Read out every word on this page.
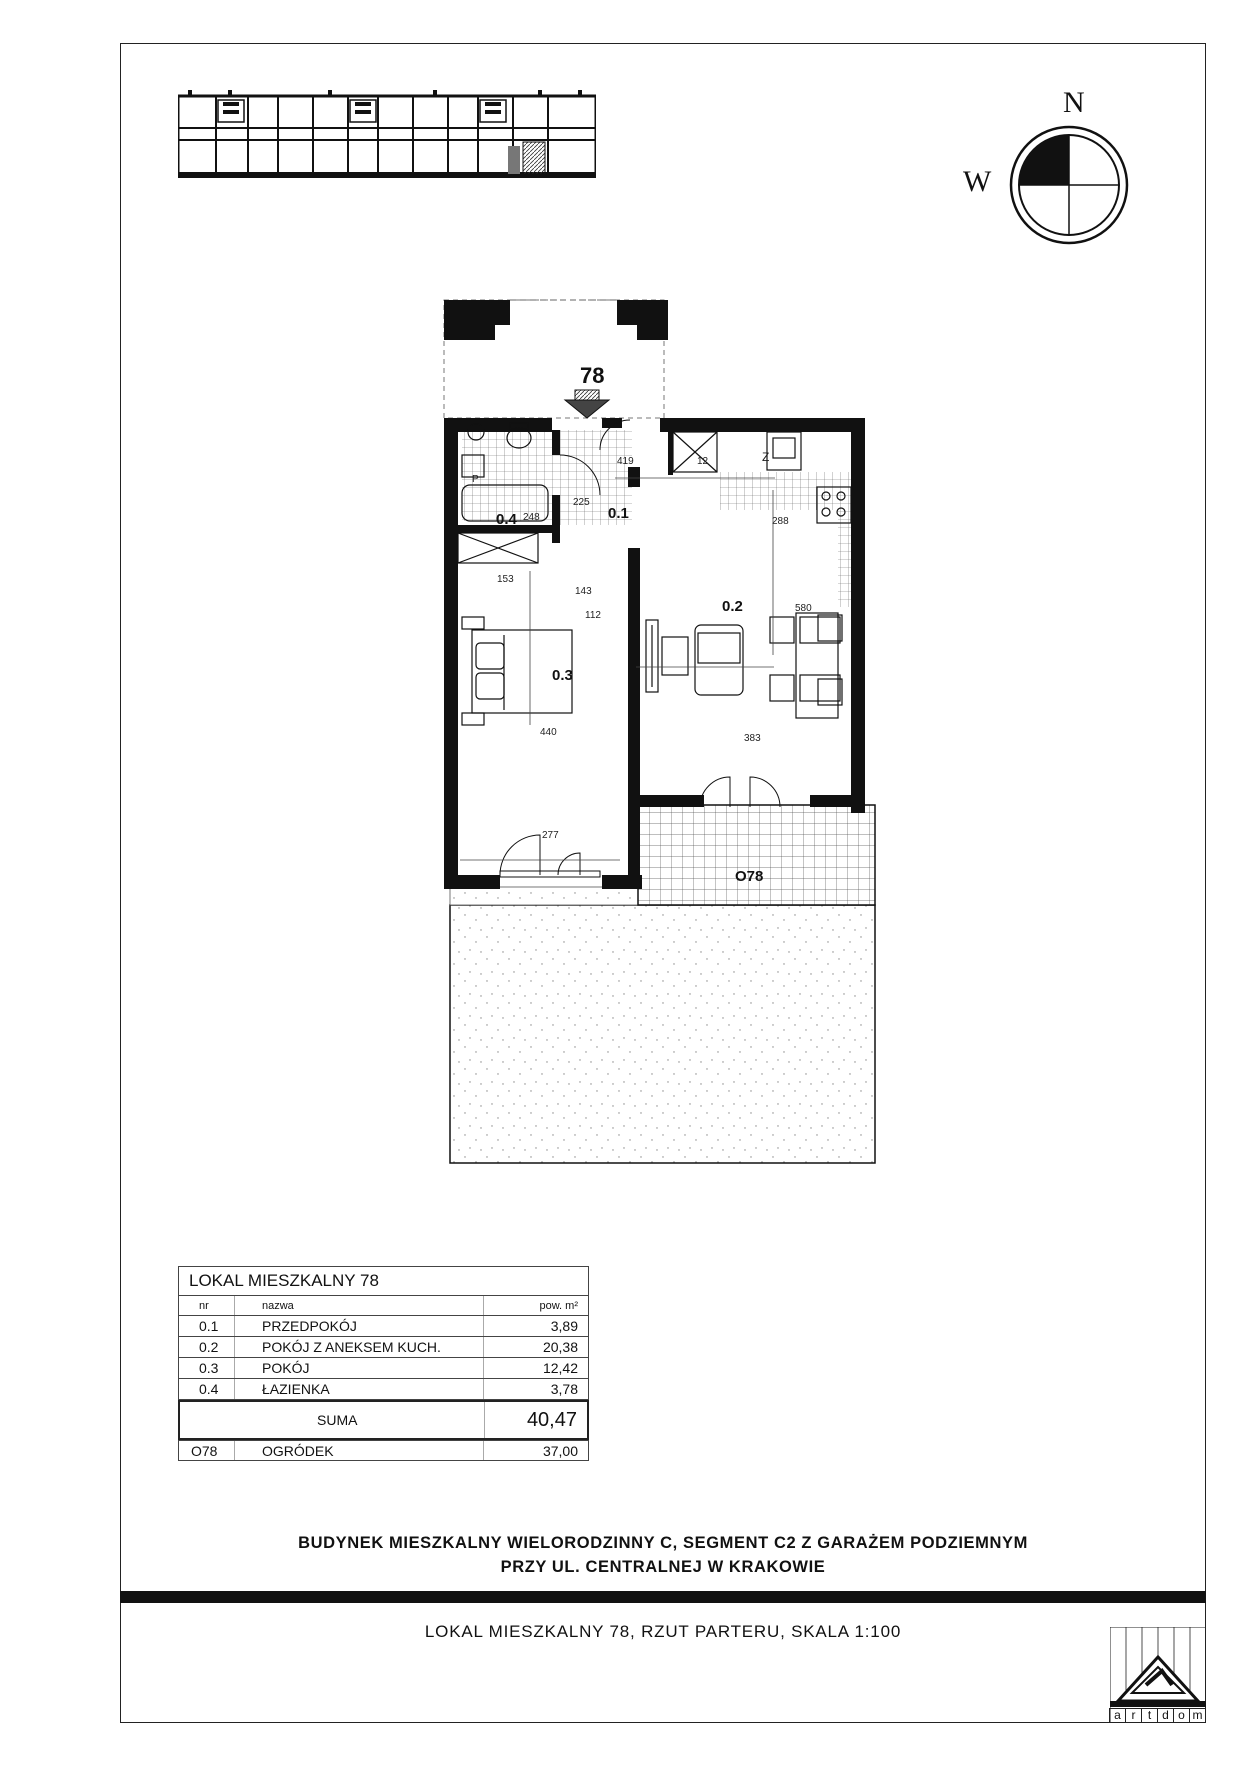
N
W
78
0.1
0.2
0.3
0.4
O78
419	12
288
248
225
153
143
112
580
440
383
277
Z
P
LOKAL MIESZKALNY 78
nr	nazwa	pow. m²
0.1	PRZEDPOKÓJ	3,89
0.2	POKÓJ Z ANEKSEM KUCH.	20,38
0.3	POKÓJ	12,42
0.4	ŁAZIENKA	3,78
SUMA	40,47
O78	OGRÓDEK	37,00
BUDYNEK MIESZKALNY WIELORODZINNY C, SEGMENT C2 Z GARAŻEM PODZIEMNYM
PRZY UL. CENTRALNEJ W KRAKOWIE
LOKAL MIESZKALNY 78, RZUT PARTERU, SKALA 1:100
a r	t d o m
